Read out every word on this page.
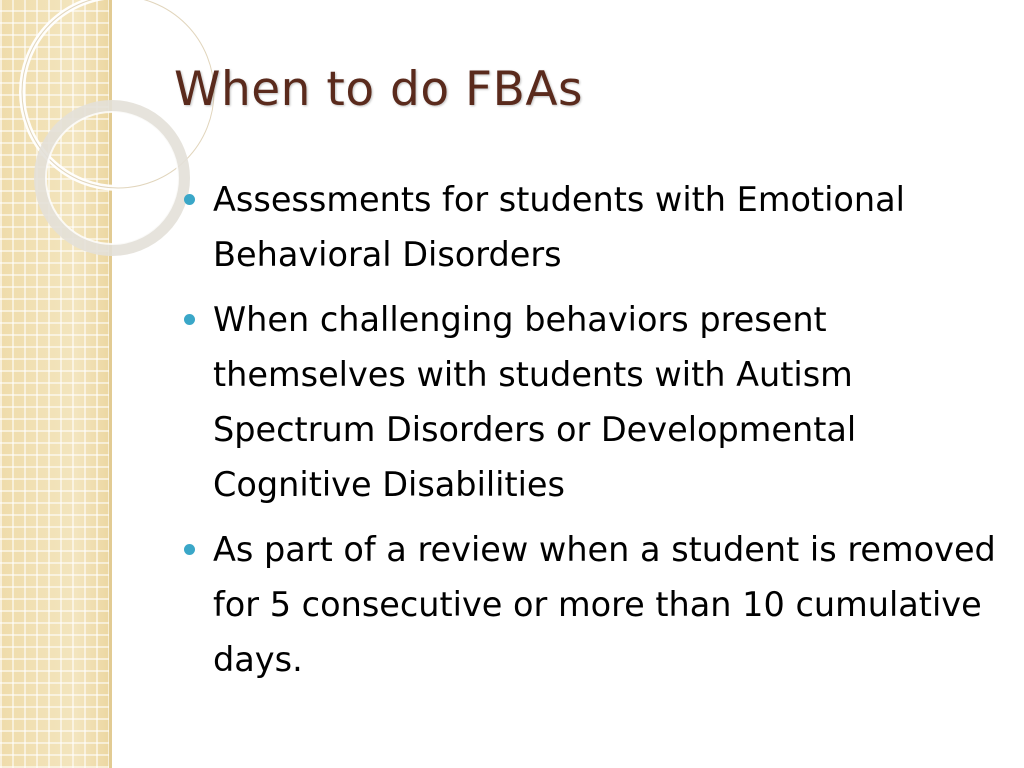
When to do FBAs
Assessments for students with Emotional Behavioral Disorders
When challenging behaviors present themselves with students with Autism Spectrum Disorders or Developmental Cognitive Disabilities
As part of a review when a student is removed for 5 consecutive or more than 10 cumulative days.
